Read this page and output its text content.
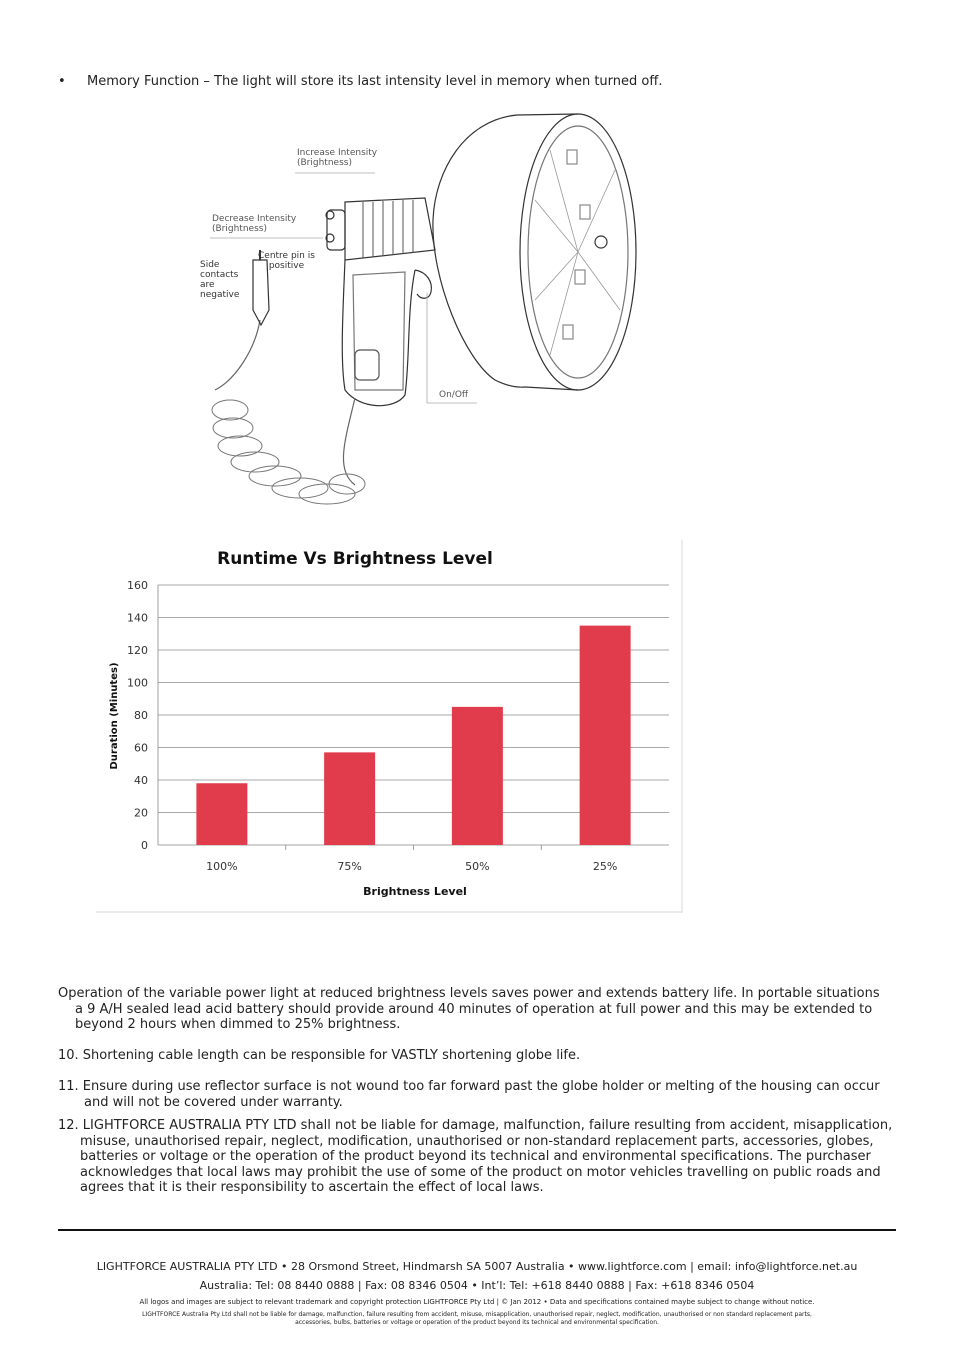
• Memory Function – The light will store its last intensity level in memory when turned off.
Increase Intensity
(Brightness)
Decrease Intensity
(Brightness)
Centre pin is
positive
Side
contacts
are
negative
On/Off
Runtime Vs Brightness Level
0
20
40
60
80
100
120
140
160
100%	75%	50%	25%
Brightness Level
Duration (Minutes)
Operation of the variable power light at reduced brightness levels saves power and extends battery life. In portable situations
a 9 A/H sealed lead acid battery should provide around 40 minutes of operation at full power and this may be extended to
beyond 2 hours when dimmed to 25% brightness.
10. Shortening cable length can be responsible for VASTLY shortening globe life.
11. Ensure during use reflector surface is not wound too far forward past the globe holder or melting of the housing can occur
and will not be covered under warranty.
12. LIGHTFORCE AUSTRALIA PTY LTD shall not be liable for damage, malfunction, failure resulting from accident, misapplication,
misuse, unauthorised repair, neglect, modification, unauthorised or non-standard replacement parts, accessories, globes,
batteries or voltage or the operation of the product beyond its technical and environmental specifications. The purchaser
acknowledges that local laws may prohibit the use of some of the product on motor vehicles travelling on public roads and
agrees that it is their responsibility to ascertain the effect of local laws.
LIGHTFORCE AUSTRALIA PTY LTD • 28 Orsmond Street, Hindmarsh SA 5007 Australia • www.lightforce.com | email: info@lightforce.net.au
Australia: Tel: 08 8440 0888 | Fax: 08 8346 0504 • Int’l: Tel: +618 8440 0888 | Fax: +618 8346 0504
All logos and images are subject to relevant trademark and copyright protection LIGHTFORCE Pty Ltd | © Jan 2012 • Data and specifications contained maybe subject to change without notice.
LIGHTFORCE Australia Pty Ltd shall not be liable for damage, malfunction, failure resulting from accident, misuse, misapplication, unauthorised repair, neglect, modification, unauthorised or non standard replacement parts,
accessories, bulbs, batteries or voltage or operation of the product beyond its technical and environmental specification.
